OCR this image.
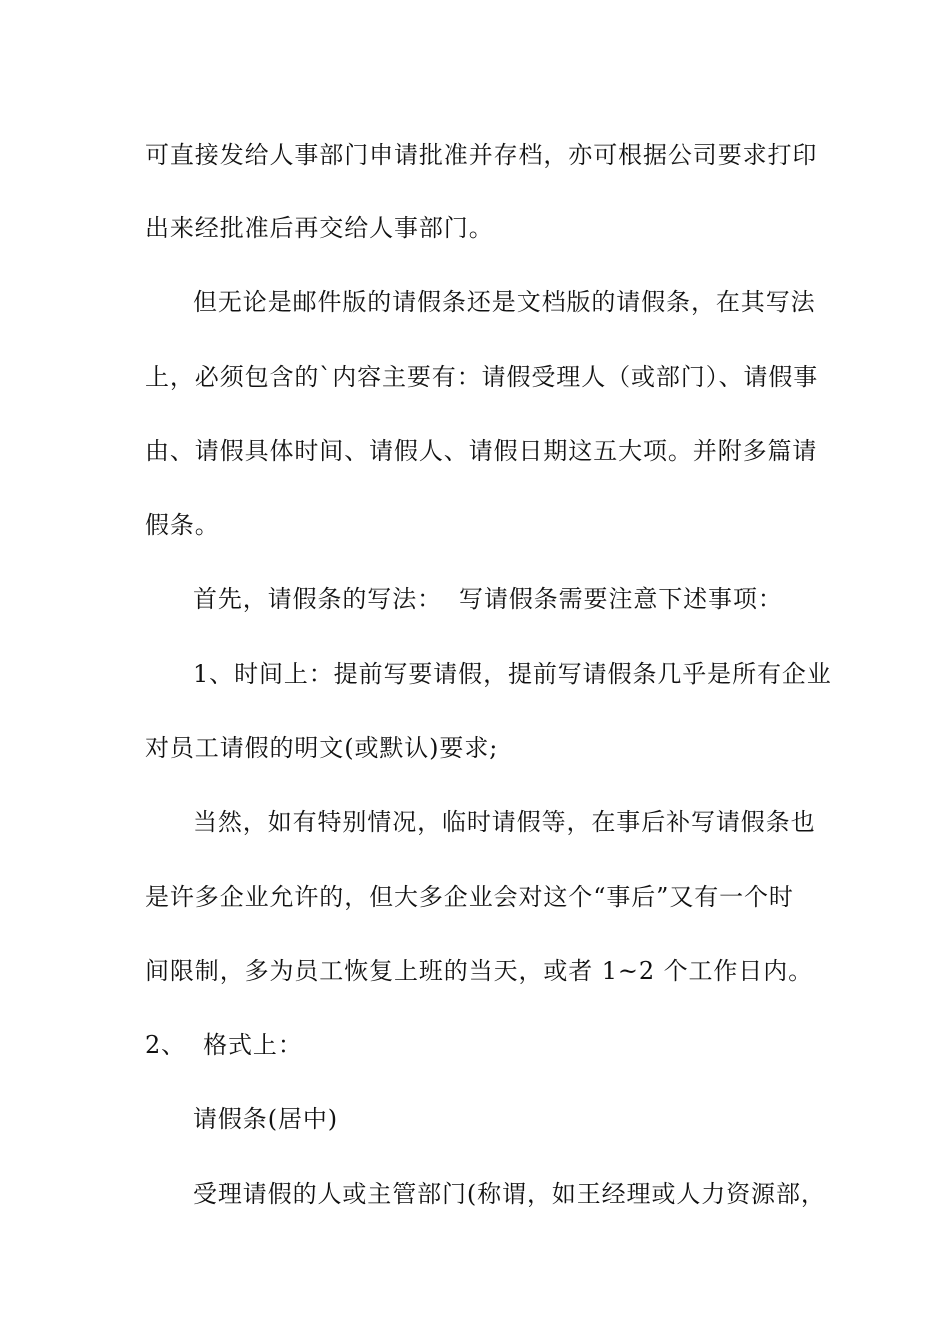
可直接发给人事部门申请批准并存档，亦可根据公司要求打印
出来经批准后再交给人事部门。
但无论是邮件版的请假条还是文档版的请假条，在其写法
上，必须包含的`内容主要有：请假受理人（或部门）、请假事
由、请假具体时间、请假人、请假日期这五大项。并附多篇请
假条。
首先，请假条的写法：  写请假条需要注意下述事项：
1、时间上：提前写要请假，提前写请假条几乎是所有企业
对员工请假的明文(或默认)要求;
当然，如有特别情况，临时请假等，在事后补写请假条也
是许多企业允许的，但大多企业会对这个“事后”又有一个时
间限制，多为员工恢复上班的当天，或者 1~2 个工作日内。
2、  格式上：
请假条(居中)
受理请假的人或主管部门(称谓，如王经理或人力资源部，
